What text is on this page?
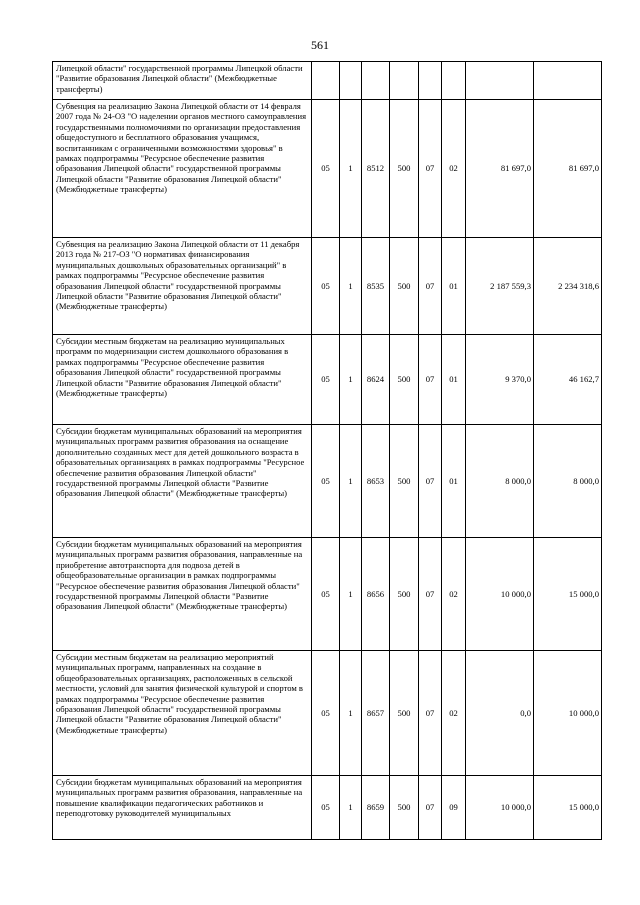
561
Липецкой области" государственной программы Липецкой области "Развитие образования Липецкой области" (Межбюджетные трансферты)								
Субвенция на реализацию Закона Липецкой области от 14 февраля 2007 года № 24-ОЗ "О наделении органов местного самоуправления государственными полномочиями по организации предоставления общедоступного и бесплатного образования учащимся, воспитанникам с ограниченными возможностями здоровья" в рамках подпрограммы "Ресурсное обеспечение развития образования Липецкой области" государственной программы Липецкой области "Развитие образования Липецкой области" (Межбюджетные трансферты)	05	1	8512	500	07	02	81 697,0	81 697,0
Субвенция на реализацию Закона Липецкой области от 11 декабря 2013 года № 217-ОЗ "О нормативах финансирования муниципальных дошкольных образовательных организаций" в рамках подпрограммы "Ресурсное обеспечение развития образования Липецкой области" государственной программы Липецкой области "Развитие образования Липецкой области" (Межбюджетные трансферты)	05	1	8535	500	07	01	2 187 559,3	2 234 318,6
Субсидии местным бюджетам на реализацию муниципальных программ по модернизации систем дошкольного образования в рамках подпрограммы "Ресурсное обеспечение развития образования Липецкой области" государственной программы Липецкой области "Развитие образования Липецкой области" (Межбюджетные трансферты)	05	1	8624	500	07	01	9 370,0	46 162,7
Субсидии бюджетам муниципальных образований на мероприятия муниципальных программ развития образования на оснащение дополнительно созданных мест для детей дошкольного возраста в образовательных организациях в рамках подпрограммы "Ресурсное обеспечение развития образования Липецкой области" государственной программы Липецкой области "Развитие образования Липецкой области" (Межбюджетные трансферты)	05	1	8653	500	07	01	8 000,0	8 000,0
Субсидии бюджетам муниципальных образований на мероприятия муниципальных программ развития образования, направленные на приобретение автотранспорта для подвоза детей в общеобразовательные организации в рамках подпрограммы "Ресурсное обеспечение развития образования Липецкой области" государственной программы Липецкой области "Развитие образования Липецкой области" (Межбюджетные трансферты)	05	1	8656	500	07	02	10 000,0	15 000,0
Субсидии местным бюджетам на реализацию мероприятий муниципальных программ, направленных на создание в общеобразовательных организациях, расположенных в сельской местности, условий для занятия физической культурой и спортом в рамках подпрограммы "Ресурсное обеспечение развития образования Липецкой области" государственной программы Липецкой области "Развитие образования Липецкой области" (Межбюджетные трансферты)	05	1	8657	500	07	02	0,0	10 000,0
Субсидии бюджетам муниципальных образований на мероприятия муниципальных программ развития образования, направленные на повышение квалификации педагогических работников и переподготовку руководителей муниципальных	05	1	8659	500	07	09	10 000,0	15 000,0
